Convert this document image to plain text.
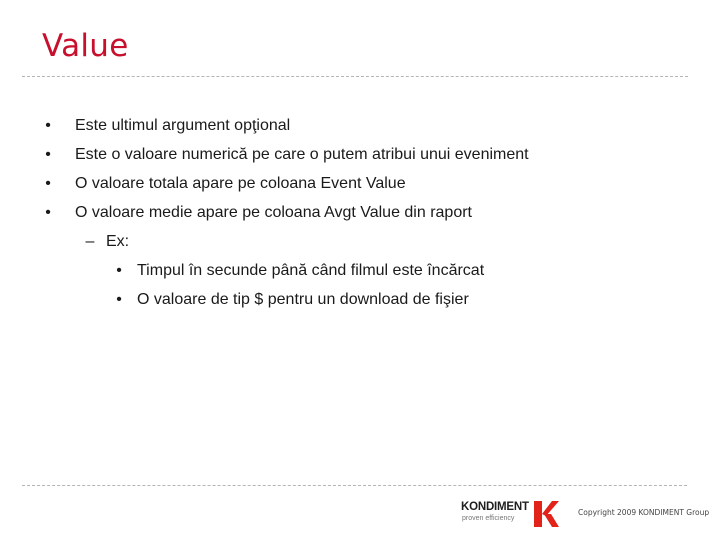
Value
• Este ultimul argument opţional
• Este o valoare numerică pe care o putem atribui unui eveniment
• O valoare totala apare pe coloana Event Value
• O valoare medie apare pe coloana Avgt Value din raport
– Ex:
• Timpul în secunde până când filmul este încărcat
• O valoare de tip $ pentru un download de fişier
KONDIMENT
proven efficiency
Copyright 2009 KONDIMENT Group
